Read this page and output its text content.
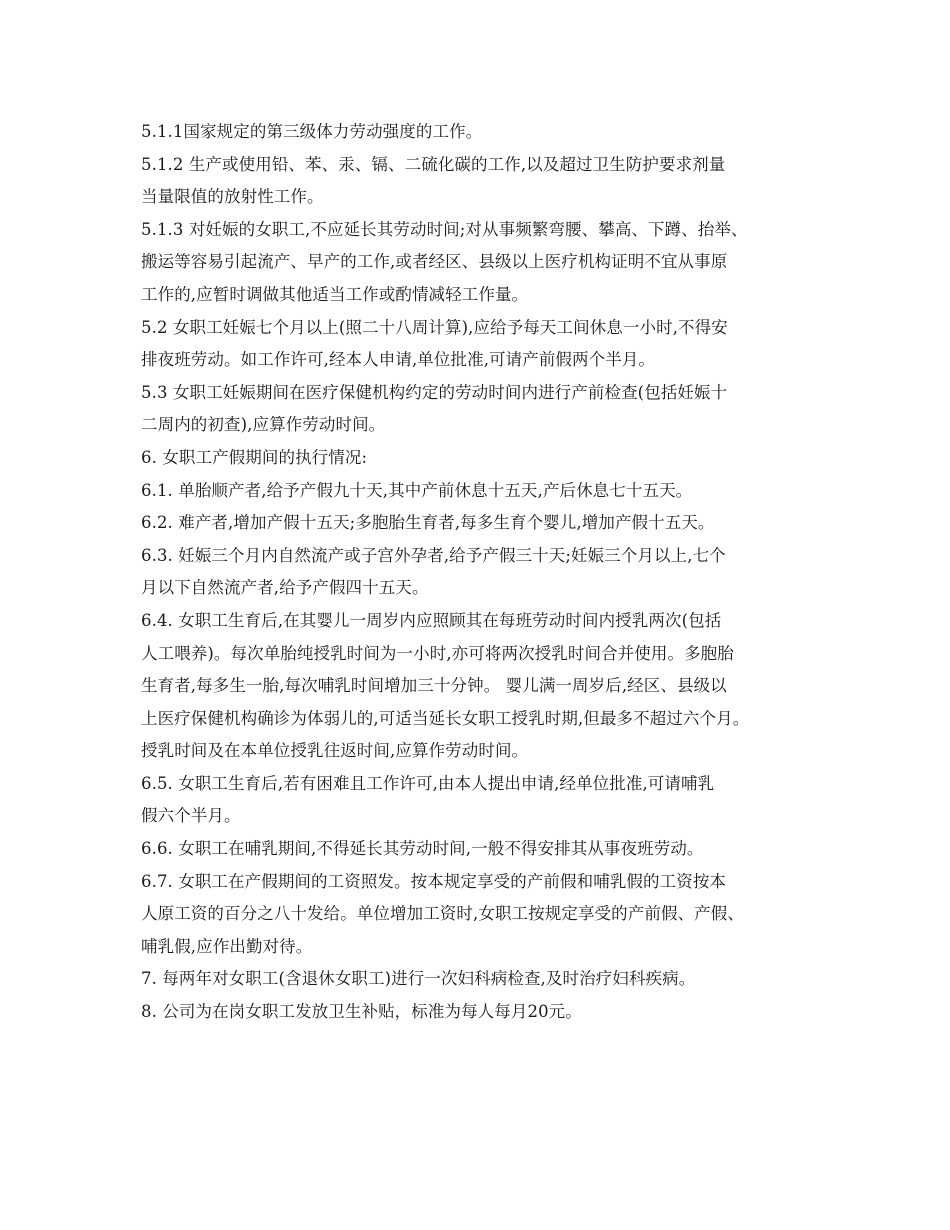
5.1.1国家规定的第三级体力劳动强度的工作。
5.1.2 生产或使用铅、苯、汞、镉、二硫化碳的工作,以及超过卫生防护要求剂量
当量限值的放射性工作。
5.1.3 对妊娠的女职工,不应延长其劳动时间;对从事频繁弯腰、攀高、下蹲、抬举、
搬运等容易引起流产、早产的工作,或者经区、县级以上医疗机构证明不宜从事原
工作的,应暂时调做其他适当工作或酌情减轻工作量。
5.2 女职工妊娠七个月以上(照二十八周计算),应给予每天工间休息一小时,不得安
排夜班劳动。如工作许可,经本人申请,单位批准,可请产前假两个半月。
5.3 女职工妊娠期间在医疗保健机构约定的劳动时间内进行产前检查(包括妊娠十
二周内的初查),应算作劳动时间。
6. 女职工产假期间的执行情况:
6.1. 单胎顺产者,给予产假九十天,其中产前休息十五天,产后休息七十五天。
6.2. 难产者,增加产假十五天;多胞胎生育者,每多生育个婴儿,增加产假十五天。
6.3. 妊娠三个月内自然流产或子宫外孕者,给予产假三十天;妊娠三个月以上,七个
月以下自然流产者,给予产假四十五天。
6.4. 女职工生育后,在其婴儿一周岁内应照顾其在每班劳动时间内授乳两次(包括
人工喂养)。每次单胎纯授乳时间为一小时,亦可将两次授乳时间合并使用。多胞胎
生育者,每多生一胎,每次哺乳时间增加三十分钟。 婴儿满一周岁后,经区、县级以
上医疗保健机构确诊为体弱儿的,可适当延长女职工授乳时期,但最多不超过六个月。
授乳时间及在本单位授乳往返时间,应算作劳动时间。
6.5. 女职工生育后,若有困难且工作许可,由本人提出申请,经单位批准,可请哺乳
假六个半月。
6.6. 女职工在哺乳期间,不得延长其劳动时间,一般不得安排其从事夜班劳动。
6.7. 女职工在产假期间的工资照发。按本规定享受的产前假和哺乳假的工资按本
人原工资的百分之八十发给。单位增加工资时,女职工按规定享受的产前假、产假、
哺乳假,应作出勤对待。
7. 每两年对女职工(含退休女职工)进行一次妇科病检查,及时治疗妇科疾病。
8. 公司为在岗女职工发放卫生补贴，标准为每人每月20元。
